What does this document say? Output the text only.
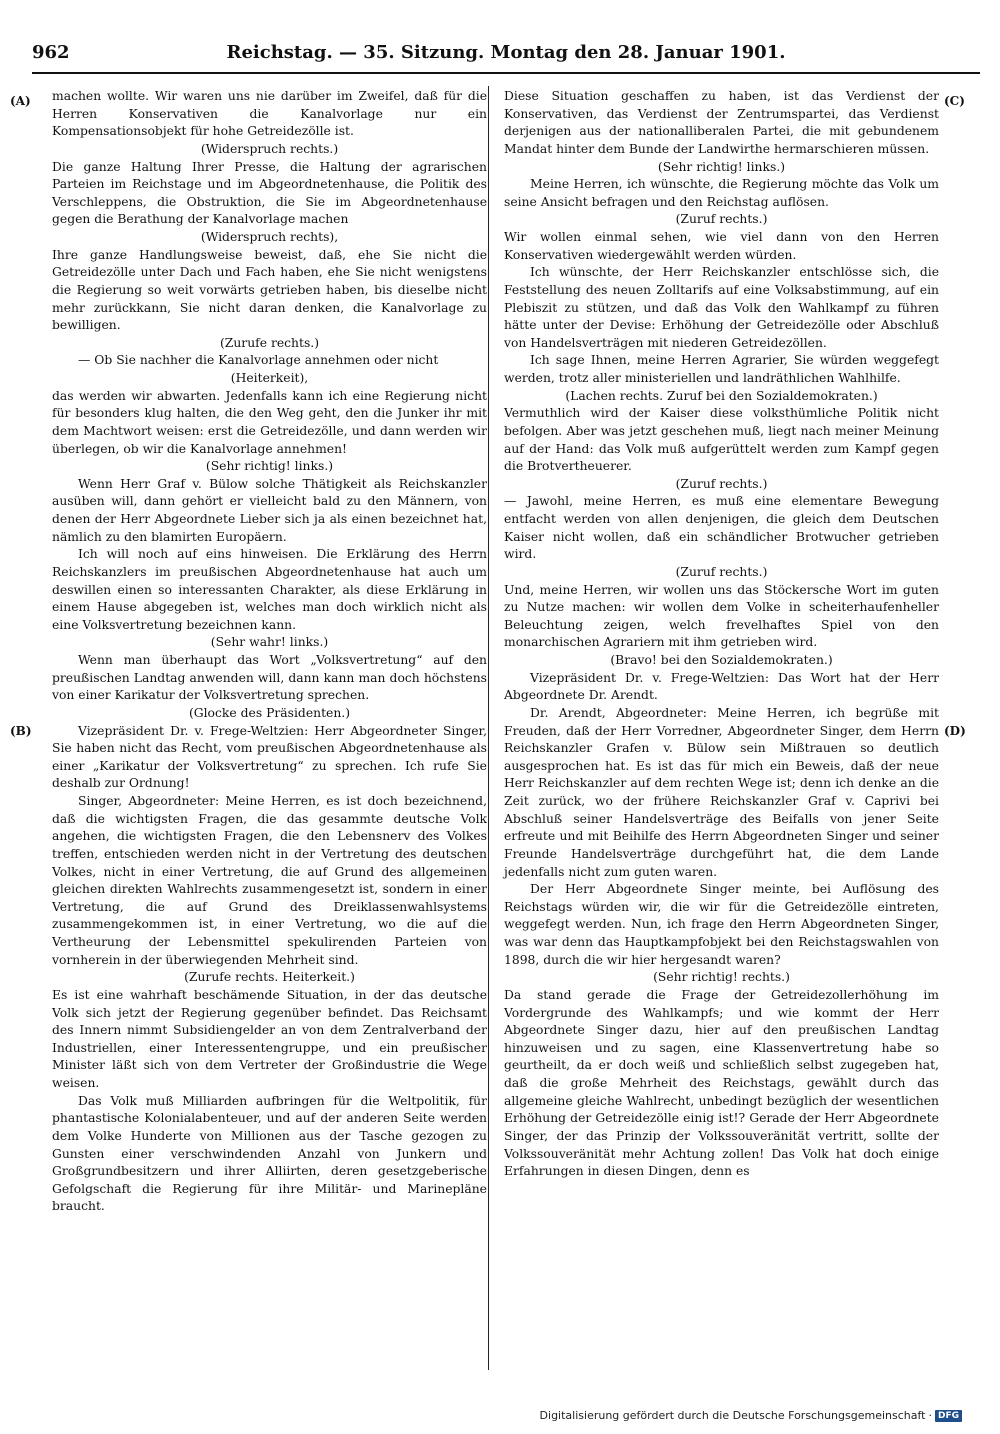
962	Reichstag. — 35. Sitzung. Montag den 28. Januar 1901.
(A)
(B)
(C)
(D)

machen wollte. Wir waren uns nie darüber im Zweifel, daß für die Herren Konservativen die Kanalvorlage nur ein Kompensationsobjekt für hohe Getreidezölle ist.

(Widerspruch rechts.)

Die ganze Haltung Ihrer Presse, die Haltung der agrarischen Parteien im Reichstage und im Abgeordnetenhause, die Politik des Verschleppens, die Obstruktion, die Sie im Abgeordnetenhause gegen die Berathung der Kanalvorlage machen

(Widerspruch rechts),

Ihre ganze Handlungsweise beweist, daß, ehe Sie nicht die Getreidezölle unter Dach und Fach haben, ehe Sie nicht wenigstens die Regierung so weit vorwärts getrieben haben, bis dieselbe nicht mehr zurückkann, Sie nicht daran denken, die Kanalvorlage zu bewilligen.

(Zurufe rechts.)

— Ob Sie nachher die Kanalvorlage annehmen oder nicht

(Heiterkeit),

das werden wir abwarten. Jedenfalls kann ich eine Regierung nicht für besonders klug halten, die den Weg geht, den die Junker ihr mit dem Machtwort weisen: erst die Getreidezölle, und dann werden wir überlegen, ob wir die Kanalvorlage annehmen!

(Sehr richtig! links.)

Wenn Herr Graf v. Bülow solche Thätigkeit als Reichskanzler ausüben will, dann gehört er vielleicht bald zu den Männern, von denen der Herr Abgeordnete Lieber sich ja als einen bezeichnet hat, nämlich zu den blamirten Europäern.

Ich will noch auf eins hinweisen. Die Erklärung des Herrn Reichskanzlers im preußischen Abgeordnetenhause hat auch um deswillen einen so interessanten Charakter, als diese Erklärung in einem Hause abgegeben ist, welches man doch wirklich nicht als eine Volksvertretung bezeichnen kann.

(Sehr wahr! links.)

Wenn man überhaupt das Wort „Volksvertretung“ auf den preußischen Landtag anwenden will, dann kann man doch höchstens von einer Karikatur der Volksvertretung sprechen.

(Glocke des Präsidenten.)

Vizepräsident Dr. v. Frege-Weltzien: Herr Abgeordneter Singer, Sie haben nicht das Recht, vom preußischen Abgeordnetenhause als einer „Karikatur der Volksvertretung“ zu sprechen. Ich rufe Sie deshalb zur Ordnung!

Singer, Abgeordneter: Meine Herren, es ist doch bezeichnend, daß die wichtigsten Fragen, die das gesammte deutsche Volk angehen, die wichtigsten Fragen, die den Lebensnerv des Volkes treffen, entschieden werden nicht in der Vertretung des deutschen Volkes, nicht in einer Vertretung, die auf Grund des allgemeinen gleichen direkten Wahlrechts zusammengesetzt ist, sondern in einer Vertretung, die auf Grund des Dreiklassenwahlsystems zusammengekommen ist, in einer Vertretung, wo die auf die Vertheurung der Lebensmittel spekulirenden Parteien von vornherein in der überwiegenden Mehrheit sind.

(Zurufe rechts. Heiterkeit.)

Es ist eine wahrhaft beschämende Situation, in der das deutsche Volk sich jetzt der Regierung gegenüber befindet. Das Reichsamt des Innern nimmt Subsidiengelder an von dem Zentralverband der Industriellen, einer Interessentengruppe, und ein preußischer Minister läßt sich von dem Vertreter der Großindustrie die Wege weisen.

Das Volk muß Milliarden aufbringen für die Weltpolitik, für phantastische Kolonialabenteuer, und auf der anderen Seite werden dem Volke Hunderte von Millionen aus der Tasche gezogen zu Gunsten einer verschwindenden Anzahl von Junkern und Großgrundbesitzern und ihrer Alliirten, deren gesetzgeberische Gefolgschaft die Regierung für ihre Militär- und Marinepläne braucht.

Diese Situation geschaffen zu haben, ist das Verdienst der Konservativen, das Verdienst der Zentrumspartei, das Verdienst derjenigen aus der nationalliberalen Partei, die mit gebundenem Mandat hinter dem Bunde der Landwirthe hermarschieren müssen.

(Sehr richtig! links.)

Meine Herren, ich wünschte, die Regierung möchte das Volk um seine Ansicht befragen und den Reichstag auflösen.

(Zuruf rechts.)

Wir wollen einmal sehen, wie viel dann von den Herren Konservativen wiedergewählt werden würden.

Ich wünschte, der Herr Reichskanzler entschlösse sich, die Feststellung des neuen Zolltarifs auf eine Volksabstimmung, auf ein Plebiszit zu stützen, und daß das Volk den Wahlkampf zu führen hätte unter der Devise: Erhöhung der Getreidezölle oder Abschluß von Handelsverträgen mit niederen Getreidezöllen.

Ich sage Ihnen, meine Herren Agrarier, Sie würden weggefegt werden, trotz aller ministeriellen und landräthlichen Wahlhilfe.

(Lachen rechts. Zuruf bei den Sozialdemokraten.)

Vermuthlich wird der Kaiser diese volksthümliche Politik nicht befolgen. Aber was jetzt geschehen muß, liegt nach meiner Meinung auf der Hand: das Volk muß aufgerüttelt werden zum Kampf gegen die Brotvertheuerer.

(Zuruf rechts.)

— Jawohl, meine Herren, es muß eine elementare Bewegung entfacht werden von allen denjenigen, die gleich dem Deutschen Kaiser nicht wollen, daß ein schändlicher Brotwucher getrieben wird.

(Zuruf rechts.)

Und, meine Herren, wir wollen uns das Stöckersche Wort im guten zu Nutze machen: wir wollen dem Volke in scheiterhaufenheller Beleuchtung zeigen, welch frevelhaftes Spiel von den monarchischen Agrariern mit ihm getrieben wird.

(Bravo! bei den Sozialdemokraten.)

Vizepräsident Dr. v. Frege-Weltzien: Das Wort hat der Herr Abgeordnete Dr. Arendt.

Dr. Arendt, Abgeordneter: Meine Herren, ich begrüße mit Freuden, daß der Herr Vorredner, Abgeordneter Singer, dem Herrn Reichskanzler Grafen v. Bülow sein Mißtrauen so deutlich ausgesprochen hat. Es ist das für mich ein Beweis, daß der neue Herr Reichskanzler auf dem rechten Wege ist; denn ich denke an die Zeit zurück, wo der frühere Reichskanzler Graf v. Caprivi bei Abschluß seiner Handelsverträge des Beifalls von jener Seite erfreute und mit Beihilfe des Herrn Abgeordneten Singer und seiner Freunde Handelsverträge durchgeführt hat, die dem Lande jedenfalls nicht zum guten waren.

Der Herr Abgeordnete Singer meinte, bei Auflösung des Reichstags würden wir, die wir für die Getreidezölle eintreten, weggefegt werden. Nun, ich frage den Herrn Abgeordneten Singer, was war denn das Hauptkampfobjekt bei den Reichstagswahlen von 1898, durch die wir hier hergesandt waren?

(Sehr richtig! rechts.)

Da stand gerade die Frage der Getreidezollerhöhung im Vordergrunde des Wahlkampfs; und wie kommt der Herr Abgeordnete Singer dazu, hier auf den preußischen Landtag hinzuweisen und zu sagen, eine Klassenvertretung habe so geurtheilt, da er doch weiß und schließlich selbst zugegeben hat, daß die große Mehrheit des Reichstags, gewählt durch das allgemeine gleiche Wahlrecht, unbedingt bezüglich der wesentlichen Erhöhung der Getreidezölle einig ist!? Gerade der Herr Abgeordnete Singer, der das Prinzip der Volkssouveränität vertritt, sollte der Volkssouveränität mehr Achtung zollen! Das Volk hat doch einige Erfahrungen in diesen Dingen, denn es

Digitalisierung gefördert durch die Deutsche Forschungsgemeinschaft · DFG
